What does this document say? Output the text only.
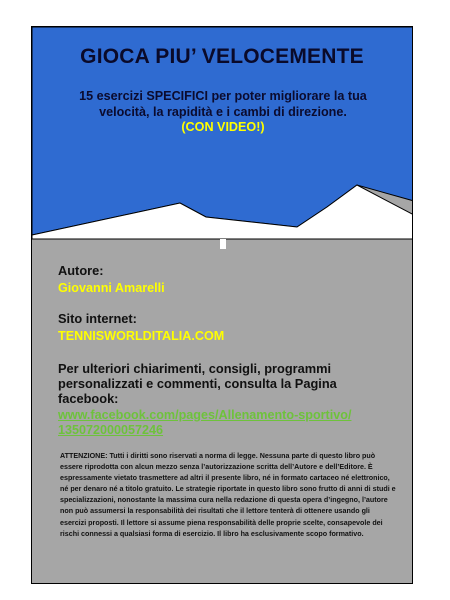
GIOCA PIU’ VELOCEMENTE
15 esercizi SPECIFICI per poter migliorare la tua velocità, la rapidità e i cambi di direzione.
(CON VIDEO!)
Autore:
Giovanni Amarelli
Sito internet:
TENNISWORLDITALIA.COM
Per ulteriori chiarimenti, consigli, programmi personalizzati e commenti, consulta la Pagina facebook:
www.facebook.com/pages/Allenamento-sportivo/135072000057246

ATTENZIONE: Tutti i diritti sono riservati a norma di legge. Nessuna parte di questo libro può essere riprodotta con alcun mezzo senza l’autorizzazione scritta dell’Autore e dell’Editore. È espressamente vietato trasmettere ad altri il presente libro, né in formato cartaceo né elettronico, né per denaro né a titolo gratuito. Le strategie riportate in questo libro sono frutto di anni di studi e specializzazioni, nonostante la massima cura nella redazione di questa opera d’ingegno, l’autore non può assumersi la responsabilità dei risultati che il lettore tenterà di ottenere usando gli esercizi proposti. Il lettore si assume piena responsabilità delle proprie scelte, consapevole dei rischi connessi a qualsiasi forma di esercizio. Il libro ha esclusivamente scopo formativo.
